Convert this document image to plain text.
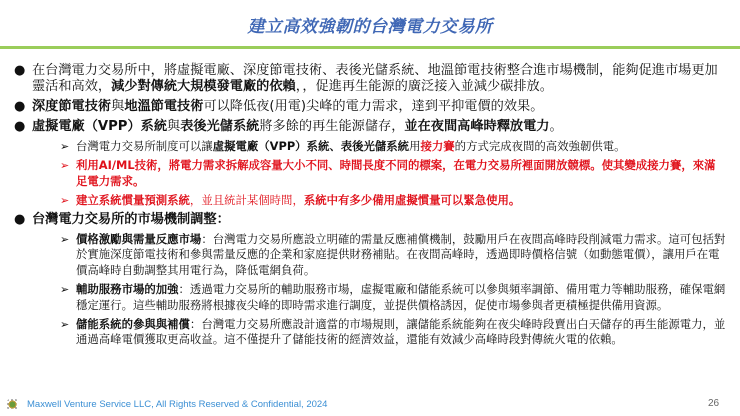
建立高效強韌的台灣電力交易所
● 在台灣電力交易所中，將虛擬電廠、深度節電技術、表後光儲系統、地溫節電技術整合進市場機制，能夠促進市場更加靈活和高效，減少對傳統大規模發電廠的依賴，，促進再生能源的廣泛接入並減少碳排放。
● 深度節電技術與地溫節電技術可以降低夜(用電)尖峰的電力需求，達到平抑電價的效果。
● 虛擬電廠（VPP）系統與表後光儲系統將多餘的再生能源儲存，並在夜間高峰時釋放電力。
➢ 台灣電力交易所制度可以讓虛擬電廠（VPP）系統、表後光儲系統用接力賽的方式完成夜間的高效強韌供電。
➢ 利用AI/ML技術，將電力需求拆解成容量大小不同、時間長度不同的標案，在電力交易所裡面開放競標。使其變成接力賽，來滿足電力需求。
➢ 建立系統慣量預測系統，並且統計某個時間，系統中有多少備用虛擬慣量可以緊急使用。
● 台灣電力交易所的市場機制調整：
➢ 價格激勵與需量反應市場：台灣電力交易所應設立明確的需量反應補償機制，鼓勵用戶在夜間高峰時段削減電力需求。這可包括對於實施深度節電技術和參與需量反應的企業和家庭提供財務補貼。在夜間高峰時，透過即時價格信號（如動態電價），讓用戶在電價高峰時自動調整其用電行為，降低電網負荷。
➢ 輔助服務市場的加強：透過電力交易所的輔助服務市場，虛擬電廠和儲能系統可以參與頻率調節、備用電力等輔助服務，確保電網穩定運行。這些輔助服務將根據夜尖峰的即時需求進行調度，並提供價格誘因，促使市場參與者更積極提供備用資源。
➢ 儲能系統的參與與補償：台灣電力交易所應設計適當的市場規則，讓儲能系統能夠在夜尖峰時段賣出白天儲存的再生能源電力，並通過高峰電價獲取更高收益。這不僅提升了儲能技術的經濟效益，還能有效減少高峰時段對傳統火電的依賴。
Maxwell Venture Service LLC, All Rights Reserved & Confidential, 2024	26
